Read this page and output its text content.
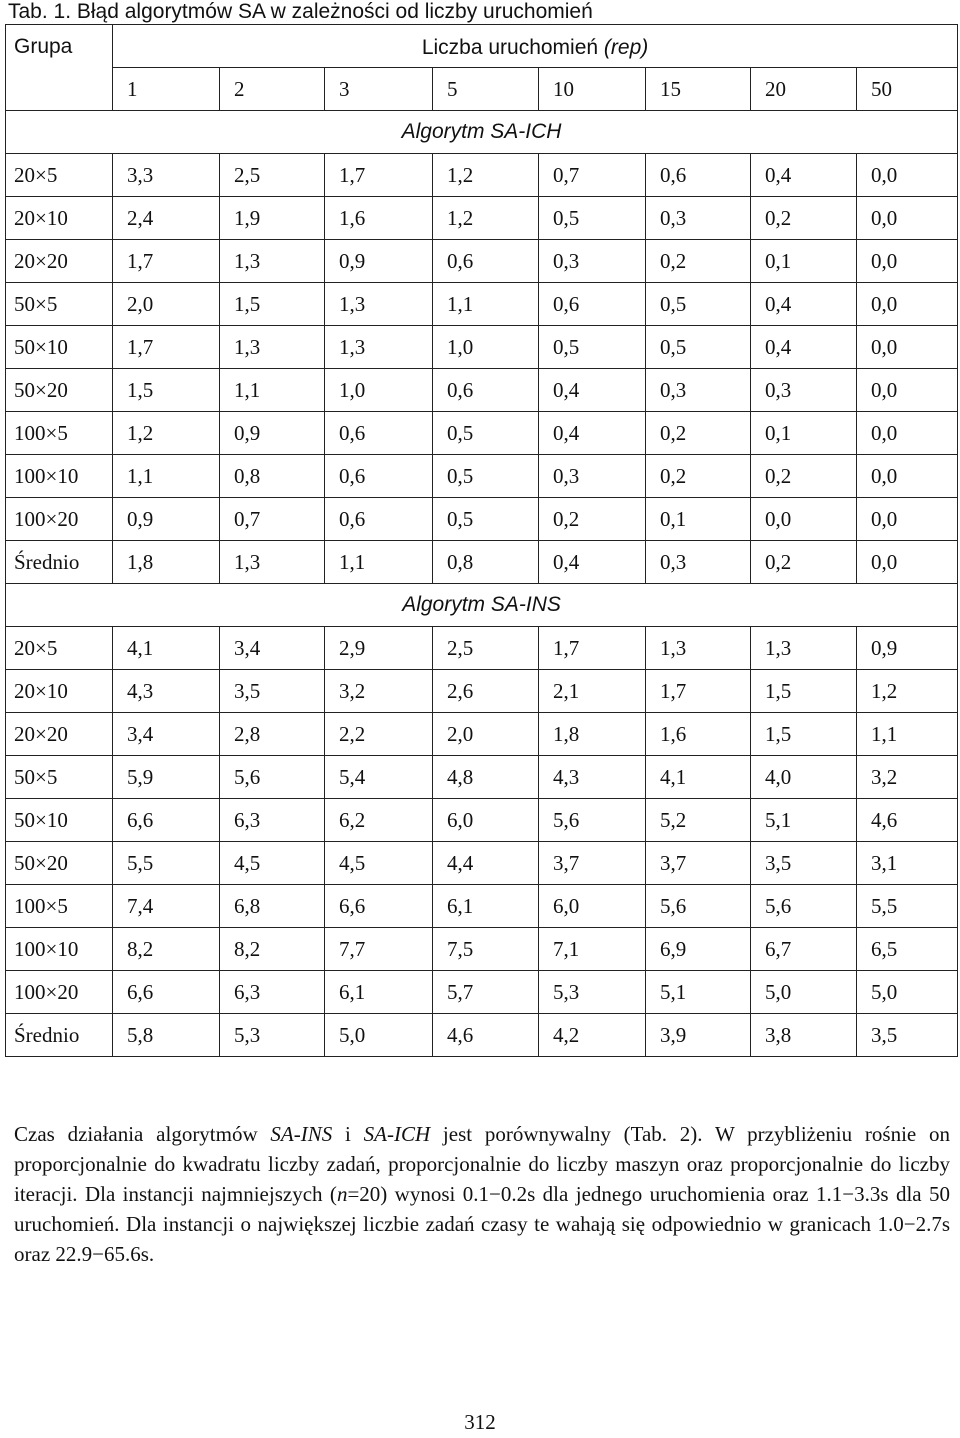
Tab. 1. Błąd algorytmów SA w zależności od liczby uruchomień
Grupa	Liczba uruchomień (rep)							
	1	2	3	5	10	15	20	50
Algorytm SA-ICH								
20×5	3,3	2,5	1,7	1,2	0,7	0,6	0,4	0,0
20×10	2,4	1,9	1,6	1,2	0,5	0,3	0,2	0,0
20×20	1,7	1,3	0,9	0,6	0,3	0,2	0,1	0,0
50×5	2,0	1,5	1,3	1,1	0,6	0,5	0,4	0,0
50×10	1,7	1,3	1,3	1,0	0,5	0,5	0,4	0,0
50×20	1,5	1,1	1,0	0,6	0,4	0,3	0,3	0,0
100×5	1,2	0,9	0,6	0,5	0,4	0,2	0,1	0,0
100×10	1,1	0,8	0,6	0,5	0,3	0,2	0,2	0,0
100×20	0,9	0,7	0,6	0,5	0,2	0,1	0,0	0,0
Średnio	1,8	1,3	1,1	0,8	0,4	0,3	0,2	0,0
Algorytm SA-INS								
20×5	4,1	3,4	2,9	2,5	1,7	1,3	1,3	0,9
20×10	4,3	3,5	3,2	2,6	2,1	1,7	1,5	1,2
20×20	3,4	2,8	2,2	2,0	1,8	1,6	1,5	1,1
50×5	5,9	5,6	5,4	4,8	4,3	4,1	4,0	3,2
50×10	6,6	6,3	6,2	6,0	5,6	5,2	5,1	4,6
50×20	5,5	4,5	4,5	4,4	3,7	3,7	3,5	3,1
100×5	7,4	6,8	6,6	6,1	6,0	5,6	5,6	5,5
100×10	8,2	8,2	7,7	7,5	7,1	6,9	6,7	6,5
100×20	6,6	6,3	6,1	5,7	5,3	5,1	5,0	5,0
Średnio	5,8	5,3	5,0	4,6	4,2	3,9	3,8	3,5

Czas działania algorytmów SA-INS i SA-ICH jest porównywalny (Tab. 2). W przybliżeniu rośnie on proporcjonalnie do kwadratu liczby zadań, proporcjonalnie do liczby maszyn oraz proporcjonalnie do liczby iteracji. Dla instancji najmniejszych (n=20) wynosi 0.1−0.2s dla jednego uruchomienia oraz 1.1−3.3s dla 50 uruchomień. Dla instancji o największej liczbie zadań czasy te wahają się odpowiednio w granicach 1.0−2.7s oraz 22.9−65.6s.

312
